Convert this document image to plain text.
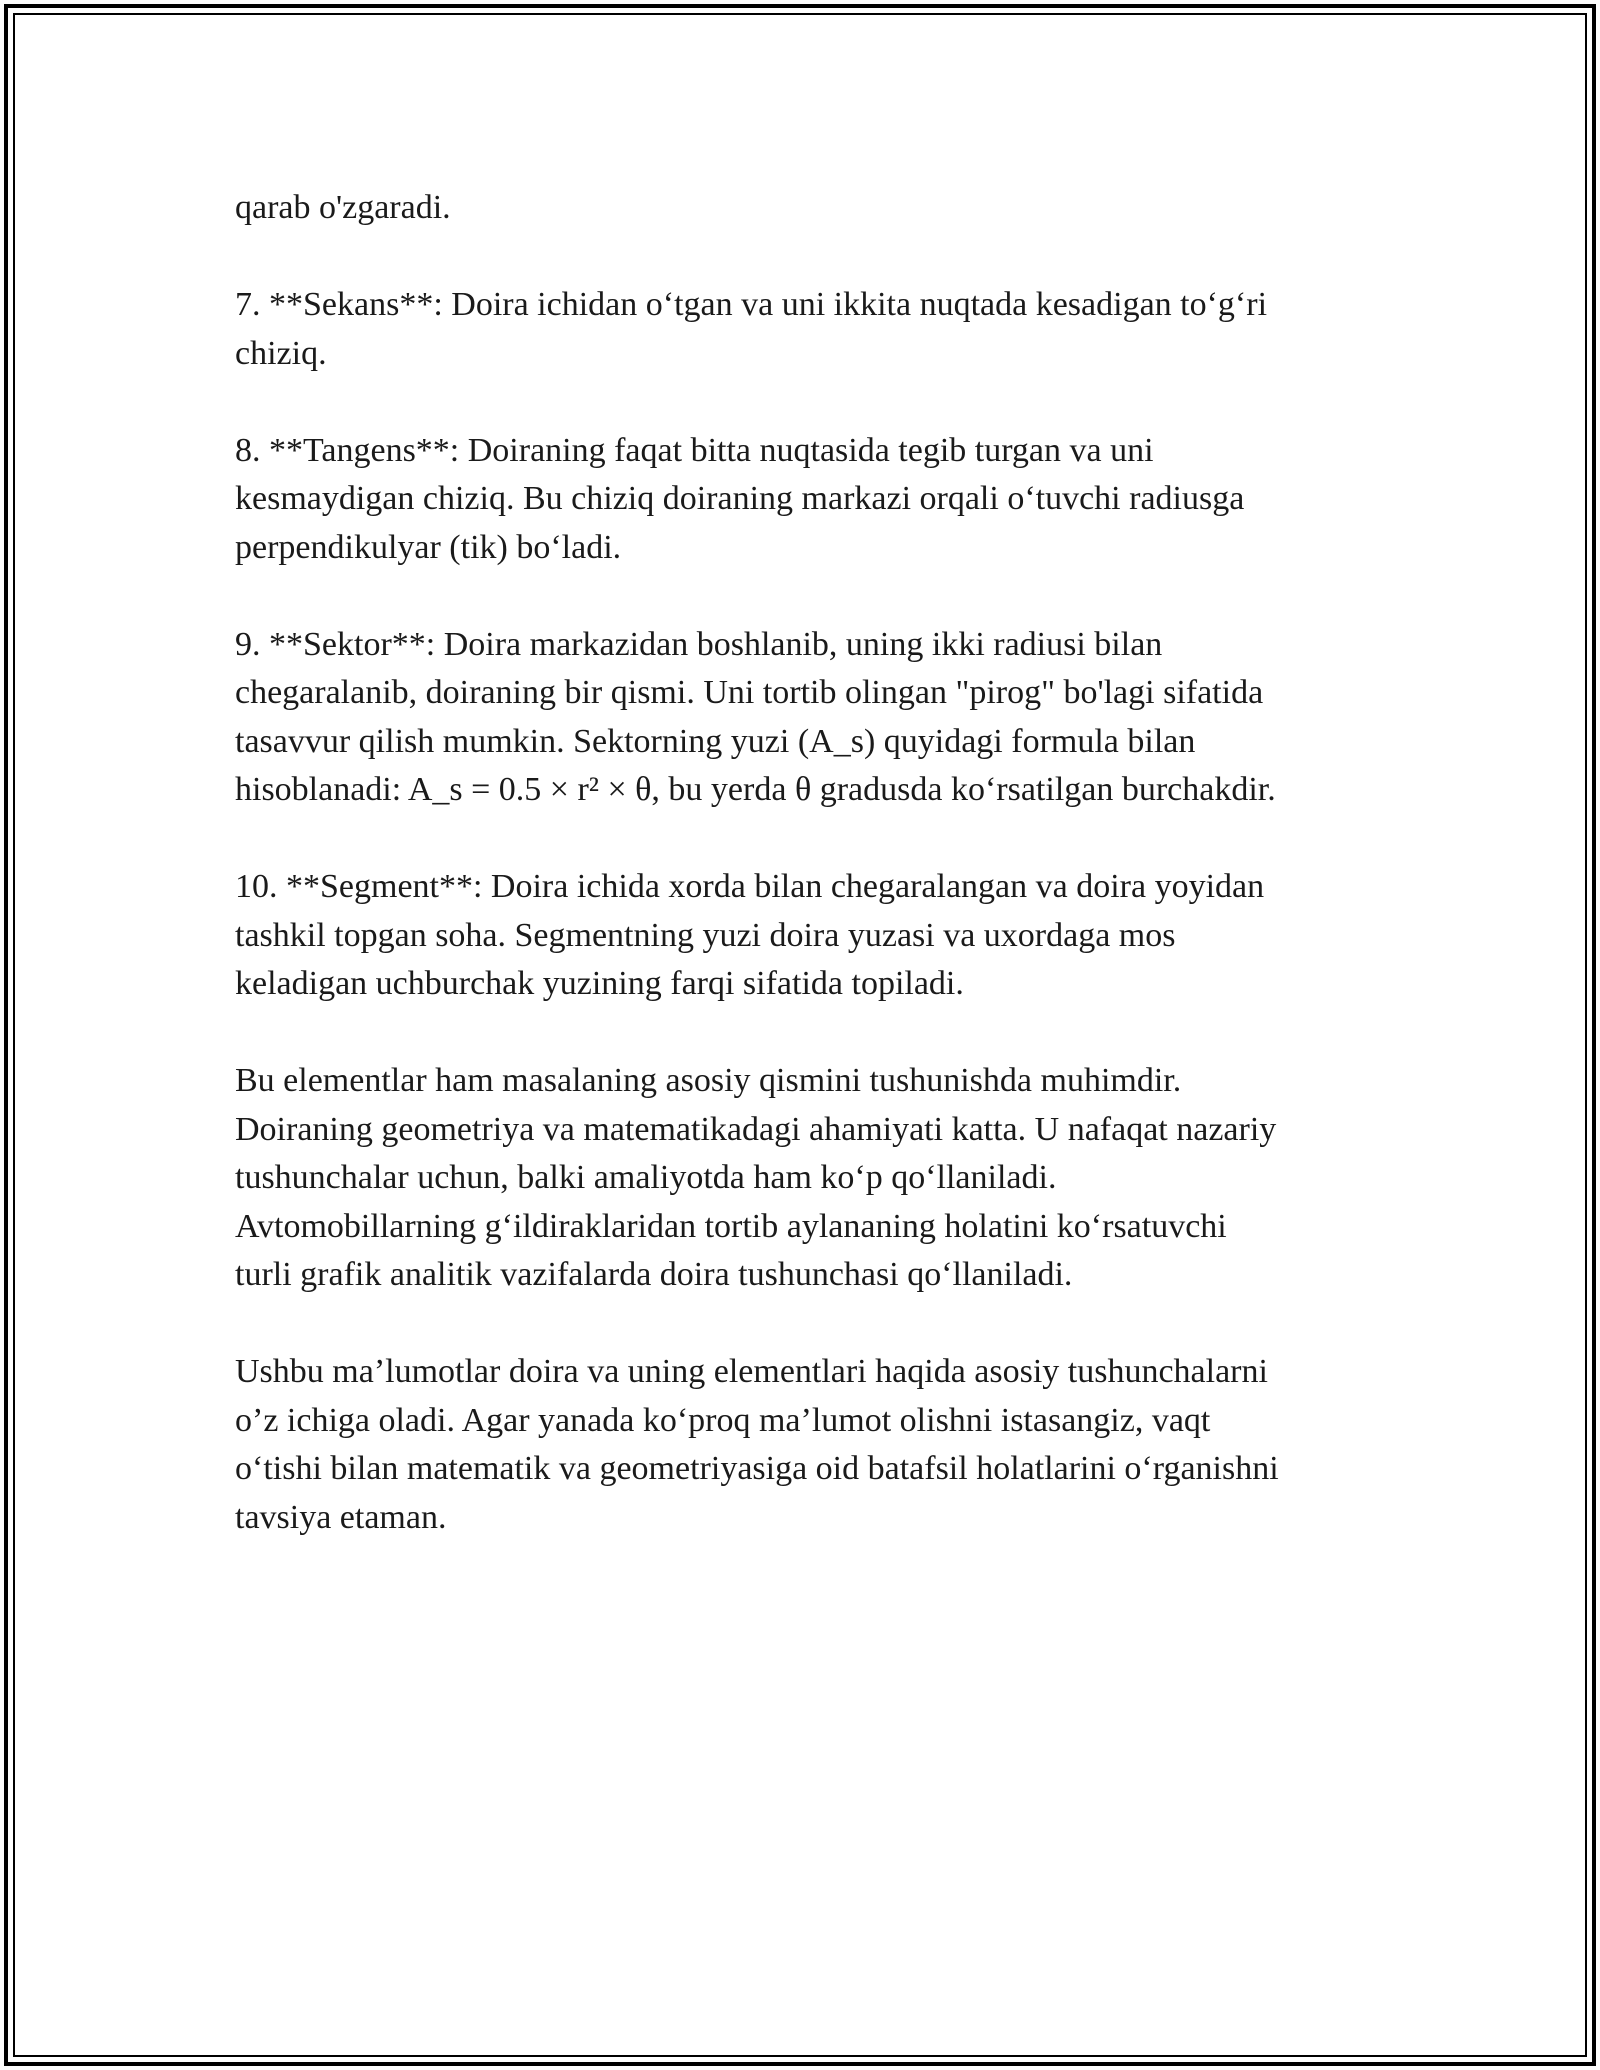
qarab o'zgaradi.

7. **Sekans**: Doira ichidan o‘tgan va uni ikkita nuqtada kesadigan to‘g‘ri
chiziq.

8. **Tangens**: Doiraning faqat bitta nuqtasida tegib turgan va uni
kesmaydigan chiziq. Bu chiziq doiraning markazi orqali o‘tuvchi radiusga
perpendikulyar (tik) bo‘ladi.

9. **Sektor**: Doira markazidan boshlanib, uning ikki radiusi bilan
chegaralanib, doiraning bir qismi. Uni tortib olingan "pirog" bo'lagi sifatida
tasavvur qilish mumkin. Sektorning yuzi (A_s) quyidagi formula bilan
hisoblanadi: A_s = 0.5 × r² × θ, bu yerda θ gradusda ko‘rsatilgan burchakdir.

10. **Segment**: Doira ichida xorda bilan chegaralangan va doira yoyidan
tashkil topgan soha. Segmentning yuzi doira yuzasi va uxordaga mos
keladigan uchburchak yuzining farqi sifatida topiladi.

Bu elementlar ham masalaning asosiy qismini tushunishda muhimdir.
Doiraning geometriya va matematikadagi ahamiyati katta. U nafaqat nazariy
tushunchalar uchun, balki amaliyotda ham ko‘p qo‘llaniladi.
Avtomobillarning g‘ildiraklaridan tortib aylananing holatini ko‘rsatuvchi
turli grafik analitik vazifalarda doira tushunchasi qo‘llaniladi.

Ushbu ma’lumotlar doira va uning elementlari haqida asosiy tushunchalarni
o’z ichiga oladi. Agar yanada ko‘proq ma’lumot olishni istasangiz, vaqt
o‘tishi bilan matematik va geometriyasiga oid batafsil holatlarini o‘rganishni
tavsiya etaman.
